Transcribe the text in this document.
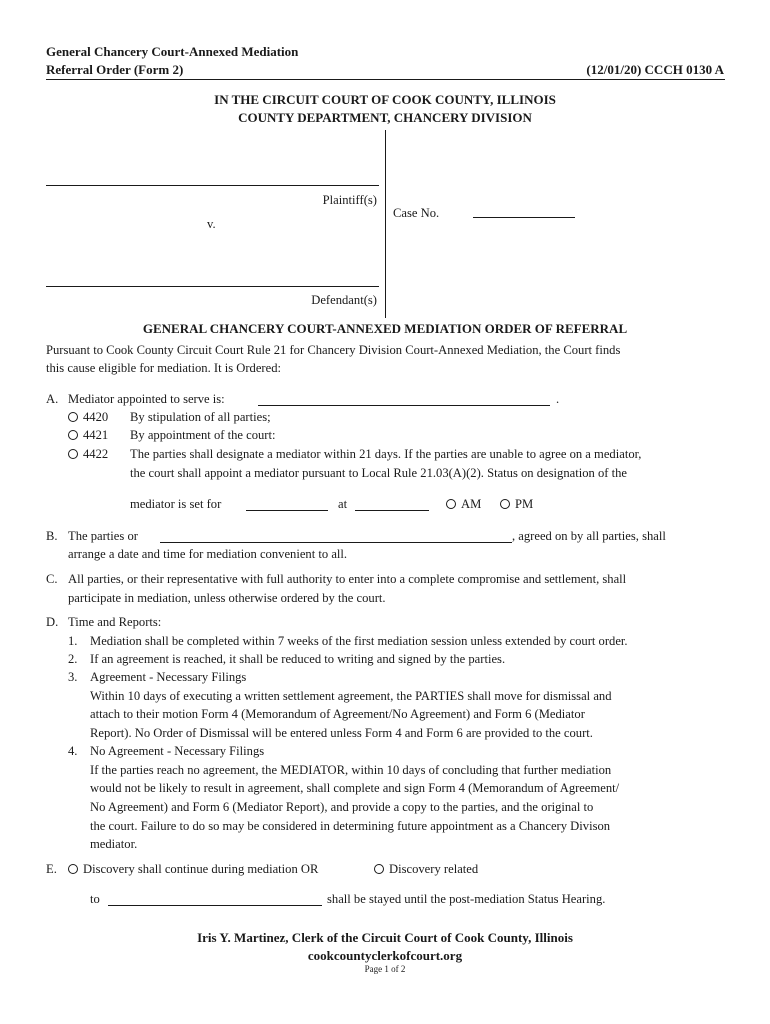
General Chancery Court-Annexed Mediation
Referral Order (Form 2)	(12/01/20) CCCH 0130 A
IN THE CIRCUIT COURT OF COOK COUNTY, ILLINOIS
COUNTY DEPARTMENT, CHANCERY DIVISION
Plaintiff(s)
v.
Case No.
Defendant(s)
GENERAL CHANCERY COURT-ANNEXED MEDIATION ORDER OF REFERRAL
Pursuant to Cook County Circuit Court Rule 21 for Chancery Division Court-Annexed Mediation, the Court finds
this cause eligible for mediation. It is Ordered:
A. Mediator appointed to serve is:	.
4420 By stipulation of all parties;
4421 By appointment of the court:
4422 The parties shall designate a mediator within 21 days. If the parties are unable to agree on a mediator,
the court shall appoint a mediator pursuant to Local Rule 21.03(A)(2). Status on designation of the
mediator is set for	at	AM	PM
B. The parties or	, agreed on by all parties, shall
arrange a date and time for mediation convenient to all.
C. All parties, or their representative with full authority to enter into a complete compromise and settlement, shall
participate in mediation, unless otherwise ordered by the court.
D. Time and Reports:
1. Mediation shall be completed within 7 weeks of the first mediation session unless extended by court order.
2. If an agreement is reached, it shall be reduced to writing and signed by the parties.
3. Agreement - Necessary Filings
Within 10 days of executing a written settlement agreement, the PARTIES shall move for dismissal and
attach to their motion Form 4 (Memorandum of Agreement/No Agreement) and Form 6 (Mediator
Report). No Order of Dismissal will be entered unless Form 4 and Form 6 are provided to the court.
4. No Agreement - Necessary Filings
If the parties reach no agreement, the MEDIATOR, within 10 days of concluding that further mediation
would not be likely to result in agreement, shall complete and sign Form 4 (Memorandum of Agreement/
No Agreement) and Form 6 (Mediator Report), and provide a copy to the parties, and the original to
the court. Failure to do so may be considered in determining future appointment as a Chancery Divison
mediator.
E.	Discovery shall continue during mediation OR	Discovery related
to	shall be stayed until the post-mediation Status Hearing.
Iris Y. Martinez, Clerk of the Circuit Court of Cook County, Illinois
cookcountyclerkofcourt.org
Page 1 of 2
